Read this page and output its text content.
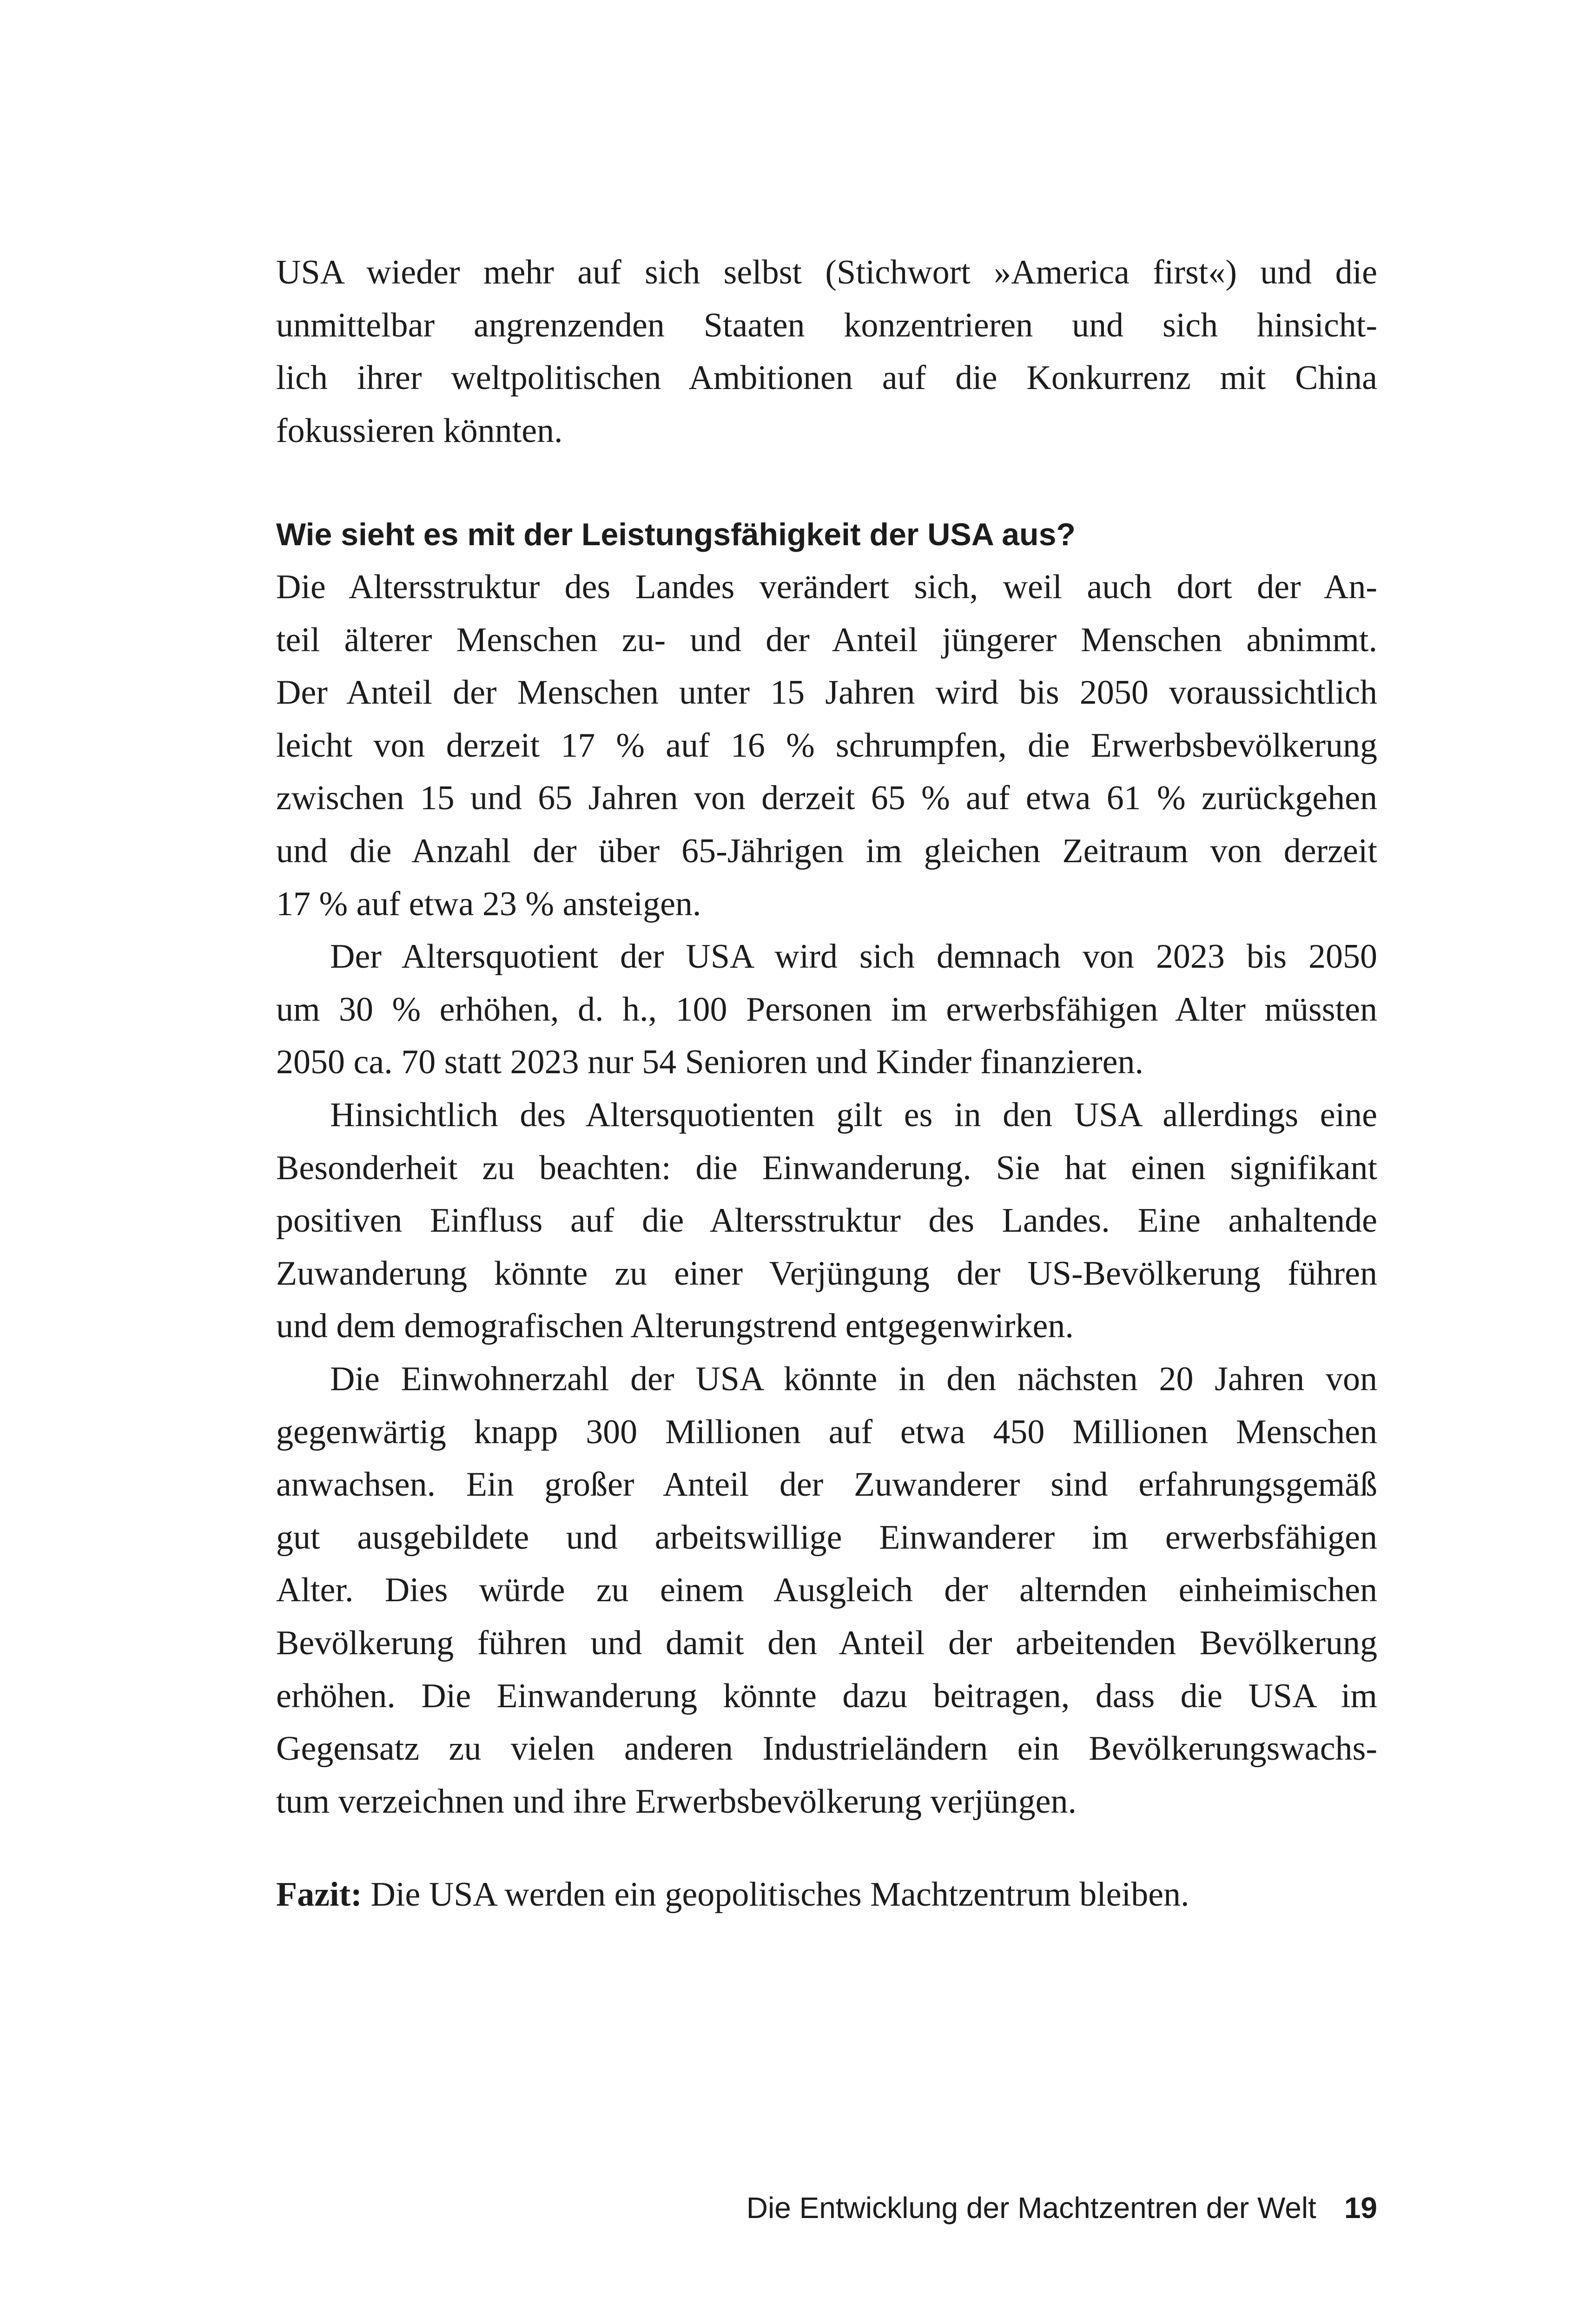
USA wieder mehr auf sich selbst (Stichwort »America first«) und die
unmittelbar angrenzenden Staaten konzentrieren und sich hinsicht-
lich ihrer weltpolitischen Ambitionen auf die Konkurrenz mit China
fokussieren könnten.
Wie sieht es mit der Leistungsfähigkeit der USA aus?
Die Altersstruktur des Landes verändert sich, weil auch dort der An-
teil älterer Menschen zu- und der Anteil jüngerer Menschen abnimmt.
Der Anteil der Menschen unter 15 Jahren wird bis 2050 voraussichtlich
leicht von derzeit 17 % auf 16 % schrumpfen, die Erwerbsbevölkerung
zwischen 15 und 65 Jahren von derzeit 65 % auf etwa 61 % zurückgehen
und die Anzahl der über 65-Jährigen im gleichen Zeitraum von derzeit
17 % auf etwa 23 % ansteigen.
Der Altersquotient der USA wird sich demnach von 2023 bis 2050
um 30 % erhöhen, d. h., 100 Personen im erwerbsfähigen Alter müssten
2050 ca. 70 statt 2023 nur 54 Senioren und Kinder finanzieren.
Hinsichtlich des Altersquotienten gilt es in den USA allerdings eine
Besonderheit zu beachten: die Einwanderung. Sie hat einen signifikant
positiven Einfluss auf die Altersstruktur des Landes. Eine anhaltende
Zuwanderung könnte zu einer Verjüngung der US-Bevölkerung führen
und dem demografischen Alterungstrend entgegenwirken.
Die Einwohnerzahl der USA könnte in den nächsten 20 Jahren von
gegenwärtig knapp 300 Millionen auf etwa 450 Millionen Menschen
anwachsen. Ein großer Anteil der Zuwanderer sind erfahrungsgemäß
gut ausgebildete und arbeitswillige Einwanderer im erwerbsfähigen
Alter. Dies würde zu einem Ausgleich der alternden einheimischen
Bevölkerung führen und damit den Anteil der arbeitenden Bevölkerung
erhöhen. Die Einwanderung könnte dazu beitragen, dass die USA im
Gegensatz zu vielen anderen Industrieländern ein Bevölkerungswachs-
tum verzeichnen und ihre Erwerbsbevölkerung verjüngen.
Fazit: Die USA werden ein geopolitisches Machtzentrum bleiben.
Die Entwicklung der Machtzentren der Welt 19
